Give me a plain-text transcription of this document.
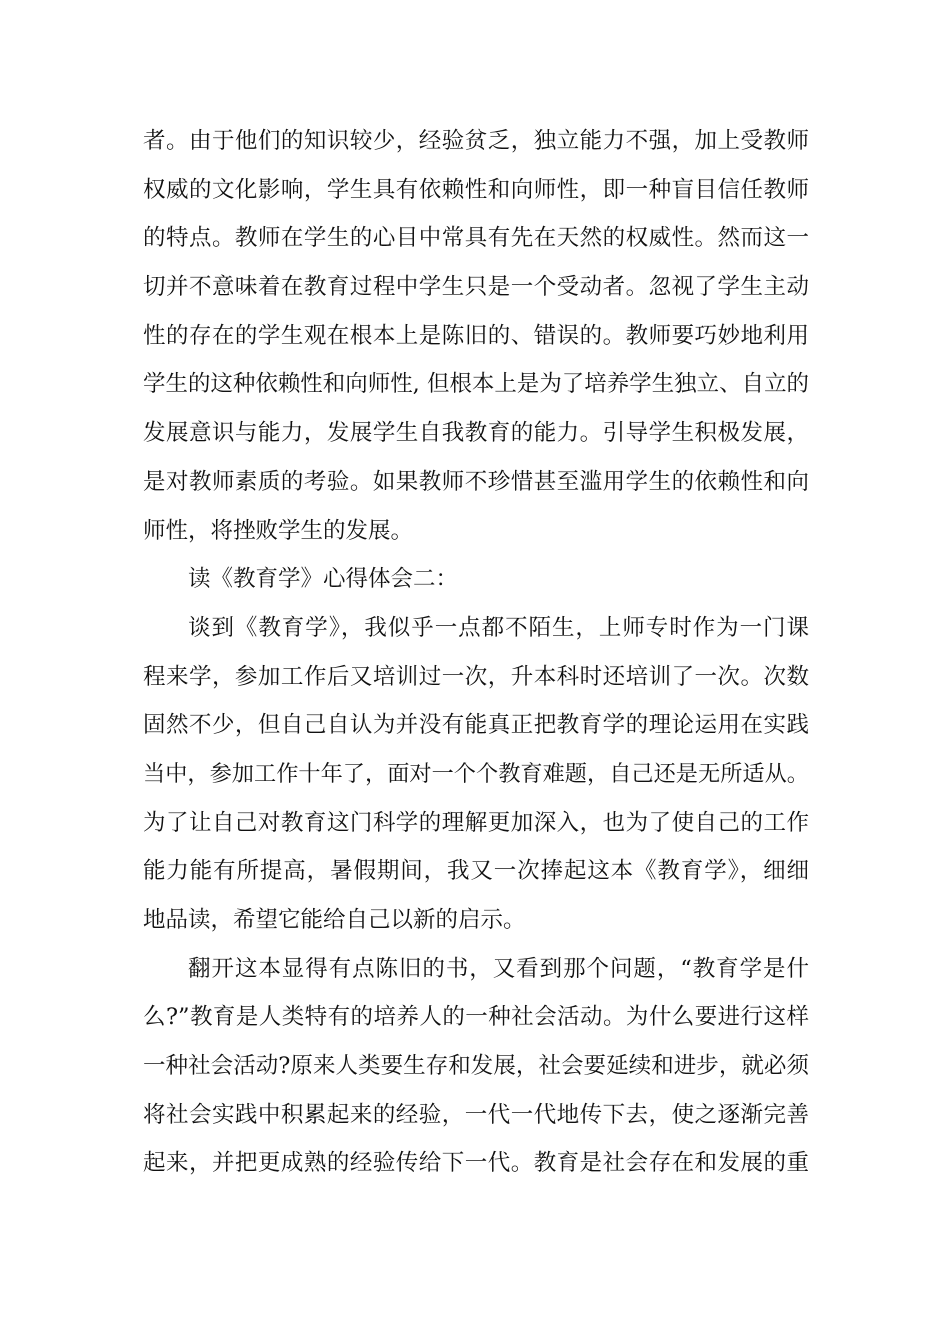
者。由于他们的知识较少，经验贫乏，独立能力不强，加上受教师
权威的文化影响，学生具有依赖性和向师性，即一种盲目信任教师
的特点。教师在学生的心目中常具有先在天然的权威性。然而这一
切并不意味着在教育过程中学生只是一个受动者。忽视了学生主动
性的存在的学生观在根本上是陈旧的、错误的。教师要巧妙地利用
学生的这种依赖性和向师性, 但根本上是为了培养学生独立、自立的
发展意识与能力，发展学生自我教育的能力。引导学生积极发展，
是对教师素质的考验。如果教师不珍惜甚至滥用学生的依赖性和向
师性，将挫败学生的发展。
读《教育学》心得体会二：
谈到《教育学》，我似乎一点都不陌生，上师专时作为一门课
程来学，参加工作后又培训过一次，升本科时还培训了一次。次数
固然不少，但自己自认为并没有能真正把教育学的理论运用在实践
当中，参加工作十年了，面对一个个教育难题，自己还是无所适从。
为了让自己对教育这门科学的理解更加深入，也为了使自己的工作
能力能有所提高，暑假期间，我又一次捧起这本《教育学》，细细
地品读，希望它能给自己以新的启示。
翻开这本显得有点陈旧的书，又看到那个问题，“教育学是什
么?”教育是人类特有的培养人的一种社会活动。为什么要进行这样
一种社会活动?原来人类要生存和发展，社会要延续和进步，就必须
将社会实践中积累起来的经验，一代一代地传下去，使之逐渐完善
起来，并把更成熟的经验传给下一代。教育是社会存在和发展的重
